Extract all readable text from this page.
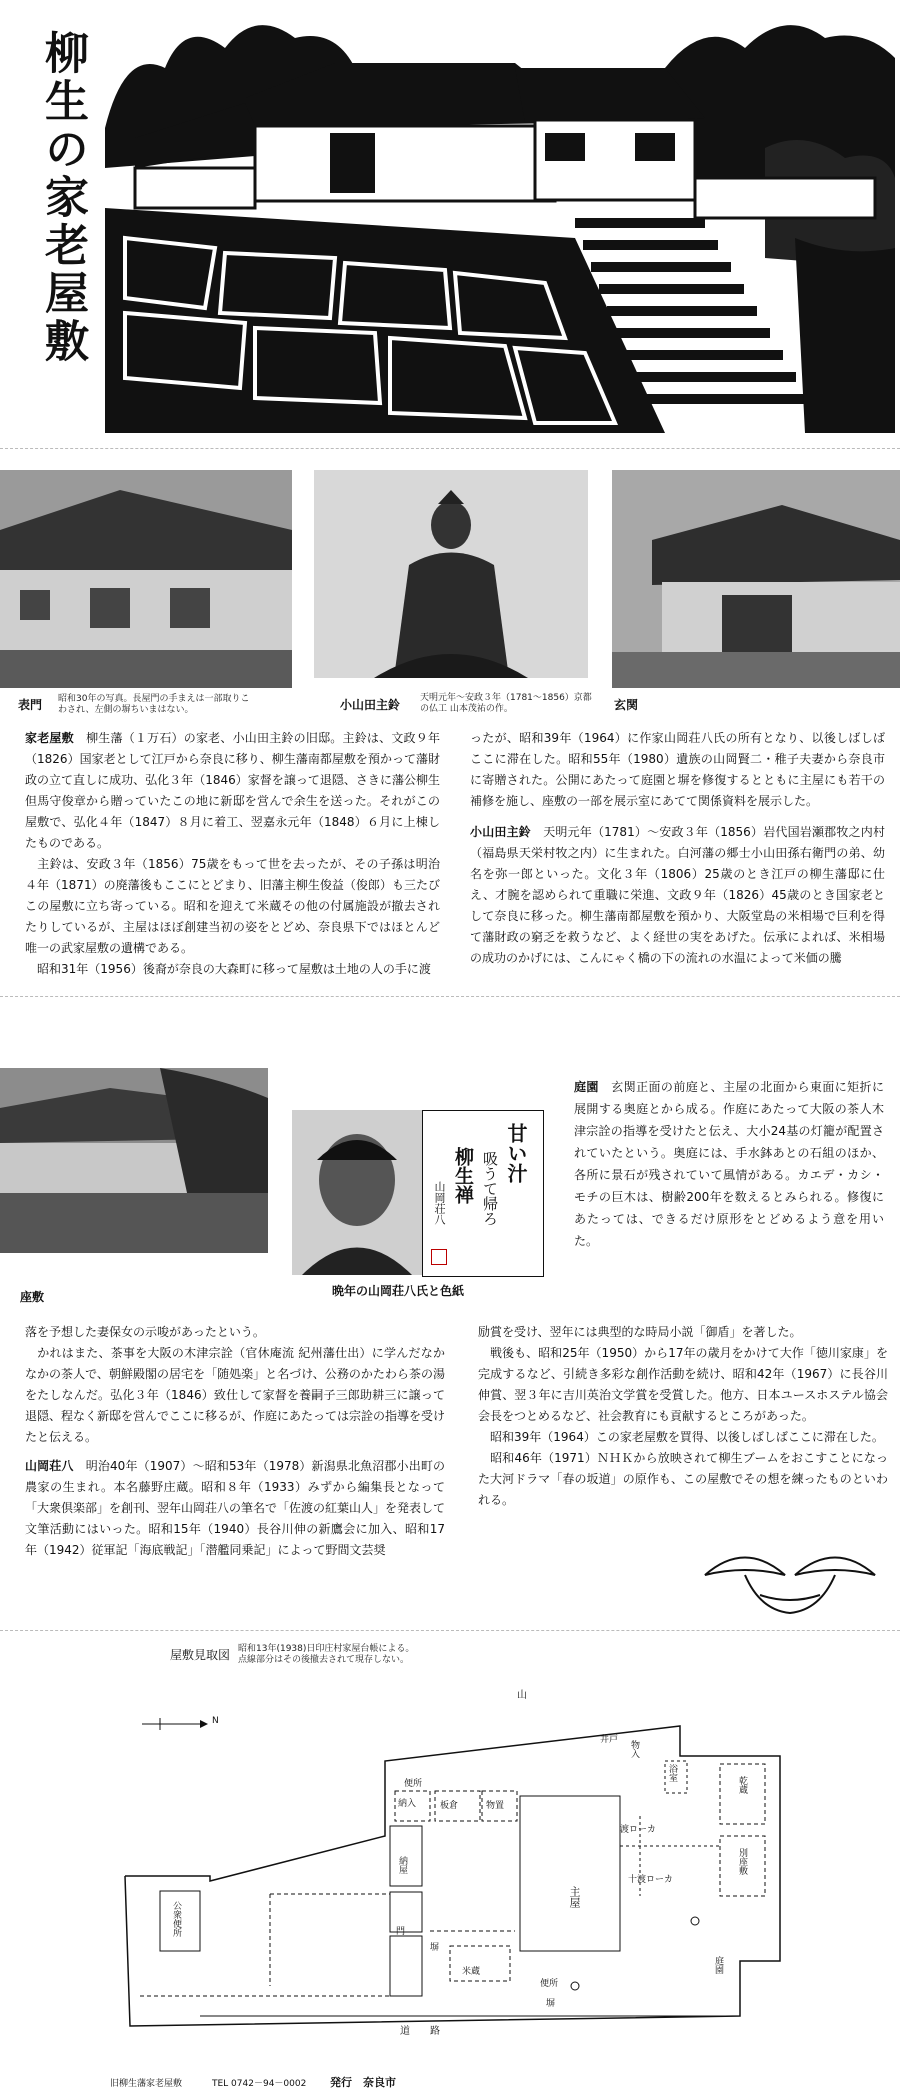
柳生の家老屋敷
表門 昭和30年の写真。長屋門の手まえは一部取りこわされ、左側の塀ちいまはない。	小山田主鈴 天明元年～安政３年（1781～1856）京都の仏工 山本茂祐の作。	玄関

家老屋敷　 柳生藩（１万石）の家老、小山田主鈴の旧邸。主鈴は、文政９年（1826）国家老として江戸から奈良に移り、柳生藩南都屋敷を預かって藩財政の立て直しに成功、弘化３年（1846）家督を譲って退隠、さきに藩公柳生但馬守俊章から贈っていたこの地に新邸を営んで余生を送った。それがこの屋敷で、弘化４年（1847）８月に着工、翌嘉永元年（1848）６月に上棟したものである。

　主鈴は、安政３年（1856）75歳をもって世を去ったが、その子孫は明治４年（1871）の廃藩後もここにとどまり、旧藩主柳生俊益（俊郎）も三たびこの屋敷に立ち寄っている。昭和を迎えて米蔵その他の付属施設が撤去されたりしているが、主屋はほぼ創建当初の姿をとどめ、奈良県下ではほとんど唯一の武家屋敷の遺構である。

　昭和31年（1956）後裔が奈良の大森町に移って屋敷は土地の人の手に渡

ったが、昭和39年（1964）に作家山岡荘八氏の所有となり、以後しばしばここに滞在した。昭和55年（1980）遺族の山岡賢二・稚子夫妻から奈良市に寄贈された。公開にあたって庭園と塀を修復するとともに主屋にも若干の補修を施し、座敷の一部を展示室にあてて関係資料を展示した。

小山田主鈴　 天明元年（1781）～安政３年（1856）岩代国岩瀬郡牧之内村（福島県天栄村牧之内）に生まれた。白河藩の郷士小山田孫右衛門の弟、幼名を弥一郎といった。文化３年（1806）25歳のとき江戸の柳生藩邸に仕え、才腕を認められて重職に栄進、文政９年（1826）45歳のとき国家老として奈良に移った。柳生藩南都屋敷を預かり、大阪堂島の米相場で巨利を得て藩財政の窮乏を救うなど、よく経世の実をあげた。伝承によれば、米相場の成功のかげには、こんにゃく橋の下の流れの水温によって米価の騰

甘い汁
吸うて帰ろ
柳生禅
山岡荘八
座敷	晩年の山岡荘八氏と色紙

庭園　 玄関正面の前庭と、主屋の北面から東面に矩折に展開する奥庭とから成る。作庭にあたって大阪の茶人木津宗詮の指導を受けたと伝え、大小24基の灯籠が配置されていたという。奥庭には、手水鉢あとの石組のほか、各所に景石が残されていて風情がある。カエデ・カシ・モチの巨木は、樹齢200年を数えるとみられる。修復にあたっては、できるだけ原形をとどめるよう意を用いた。

落を予想した妻保女の示唆があったという。

　かれはまた、茶事を大阪の木津宗詮（官休庵流 紀州藩仕出）に学んだなかなかの茶人で、朝鮮殿閣の居宅を「随処楽」と名づけ、公務のかたわら茶の湯をたしなんだ。弘化３年（1846）致仕して家督を養嗣子三郎助耕三に譲って退隠、程なく新邸を営んでここに移るが、作庭にあたっては宗詮の指導を受けたと伝える。

山岡荘八　 明治40年（1907）～昭和53年（1978）新潟県北魚沼郡小出町の農家の生まれ。本名藤野庄蔵。昭和８年（1933）みずから編集長となって「大衆倶楽部」を創刊、翌年山岡荘八の筆名で「佐渡の紅葉山人」を発表して文筆活動にはいった。昭和15年（1940）長谷川伸の新鷹会に加入、昭和17年（1942）従軍記「海底戦記」「潜艦同乗記」によって野間文芸奨

励賞を受け、翌年には典型的な時局小説「御盾」を著した。

　戦後も、昭和25年（1950）から17年の歳月をかけて大作「徳川家康」を完成するなど、引続き多彩な創作活動を続け、昭和42年（1967）に長谷川伸賞、翌３年に吉川英治文学賞を受賞した。他方、日本ユースホステル協会会長をつとめるなど、社会教育にも貢献するところがあった。

　昭和39年（1964）この家老屋敷を買得、以後しばしばここに滞在した。

　昭和46年（1971）ＮＨＫから放映されて柳生ブームをおこすことになった大河ドラマ「春の坂道」の原作も、この屋敷でその想を練ったものといわれる。

屋敷見取図 昭和13年(1938)日印庄村家屋台帳による。
点線部分はその後撤去されて現存しない。
山
N
浴室
井戸 物入
乾蔵
便所
納入	板倉	物置
渡ローカ
主屋
別座敷
納屋
門
塀
十渡ローカ
庭園
米蔵
便所
塀
公衆便所
道　　路
旧柳生藩家老屋敷	TEL 0742－94－0002 発行　奈良市
